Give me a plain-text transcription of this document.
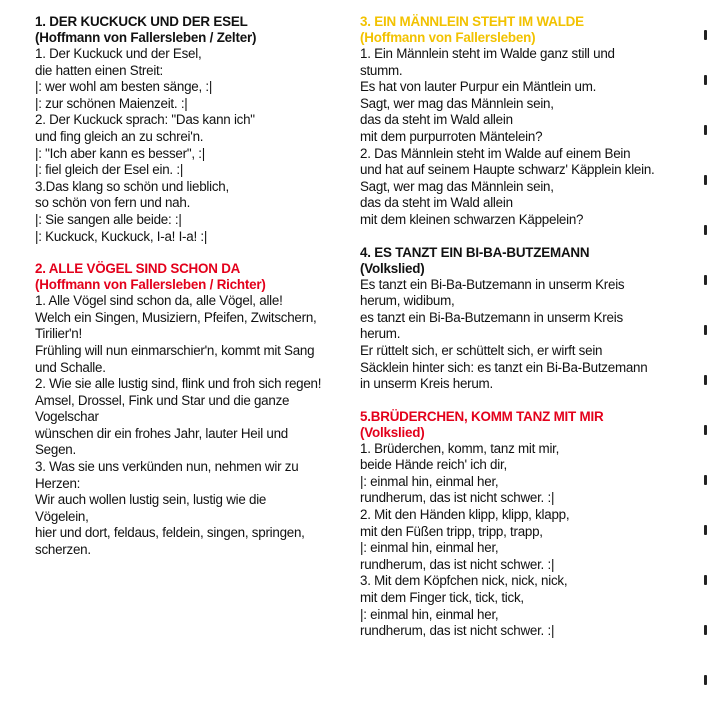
1. DER KUCKUCK UND DER ESEL
(Hoffmann von Fallersleben / Zelter)
1. Der Kuckuck und der Esel,
die hatten einen Streit:
|: wer wohl am besten sänge, :|
|: zur schönen Maienzeit. :|
2. Der Kuckuck sprach: "Das kann ich"
und fing gleich an zu schrei'n.
|: "Ich aber kann es besser", :|
|: fiel gleich der Esel ein. :|
3.Das klang so schön und lieblich,
so schön von fern und nah.
|: Sie sangen alle beide: :|
|: Kuckuck, Kuckuck, I-a! I-a! :|
2. ALLE VÖGEL SIND SCHON DA
(Hoffmann von Fallersleben / Richter)
1. Alle Vögel sind schon da, alle Vögel, alle!
Welch ein Singen, Musiziern, Pfeifen, Zwitschern,
Tirilier'n!
Frühling will nun einmarschier'n, kommt mit Sang
und Schalle.
2. Wie sie alle lustig sind, flink und froh sich regen!
Amsel, Drossel, Fink und Star und die ganze
Vogelschar
wünschen dir ein frohes Jahr, lauter Heil und
Segen.
3. Was sie uns verkünden nun, nehmen wir zu
Herzen:
Wir auch wollen lustig sein, lustig wie die
Vögelein,
hier und dort, feldaus, feldein, singen, springen,
scherzen.
3. EIN MÄNNLEIN STEHT IM WALDE
(Hoffmann von Fallersleben)
1. Ein Männlein steht im Walde ganz still und
stumm.
Es hat von lauter Purpur ein Mäntlein um.
Sagt, wer mag das Männlein sein,
das da steht im Wald allein
mit dem purpurroten Mäntelein?
2. Das Männlein steht im Walde auf einem Bein
und hat auf seinem Haupte schwarz' Käpplein klein.
Sagt, wer mag das Männlein sein,
das da steht im Wald allein
mit dem kleinen schwarzen Käppelein?
4. ES TANZT EIN BI-BA-BUTZEMANN
(Volkslied)
Es tanzt ein Bi-Ba-Butzemann in unserm Kreis
herum, widibum,
es tanzt ein Bi-Ba-Butzemann in unserm Kreis
herum.
Er rüttelt sich, er schüttelt sich, er wirft sein
Säcklein hinter sich: es tanzt ein Bi-Ba-Butzemann
in unserm Kreis herum.
5.BRÜDERCHEN, KOMM TANZ MIT MIR
(Volkslied)
1. Brüderchen, komm, tanz mit mir,
beide Hände reich' ich dir,
|: einmal hin, einmal her,
rundherum, das ist nicht schwer. :|
2. Mit den Händen klipp, klipp, klapp,
mit den Füßen tripp, tripp, trapp,
|: einmal hin, einmal her,
rundherum, das ist nicht schwer. :|
3. Mit dem Köpfchen nick, nick, nick,
mit dem Finger tick, tick, tick,
|: einmal hin, einmal her,
rundherum, das ist nicht schwer. :|
